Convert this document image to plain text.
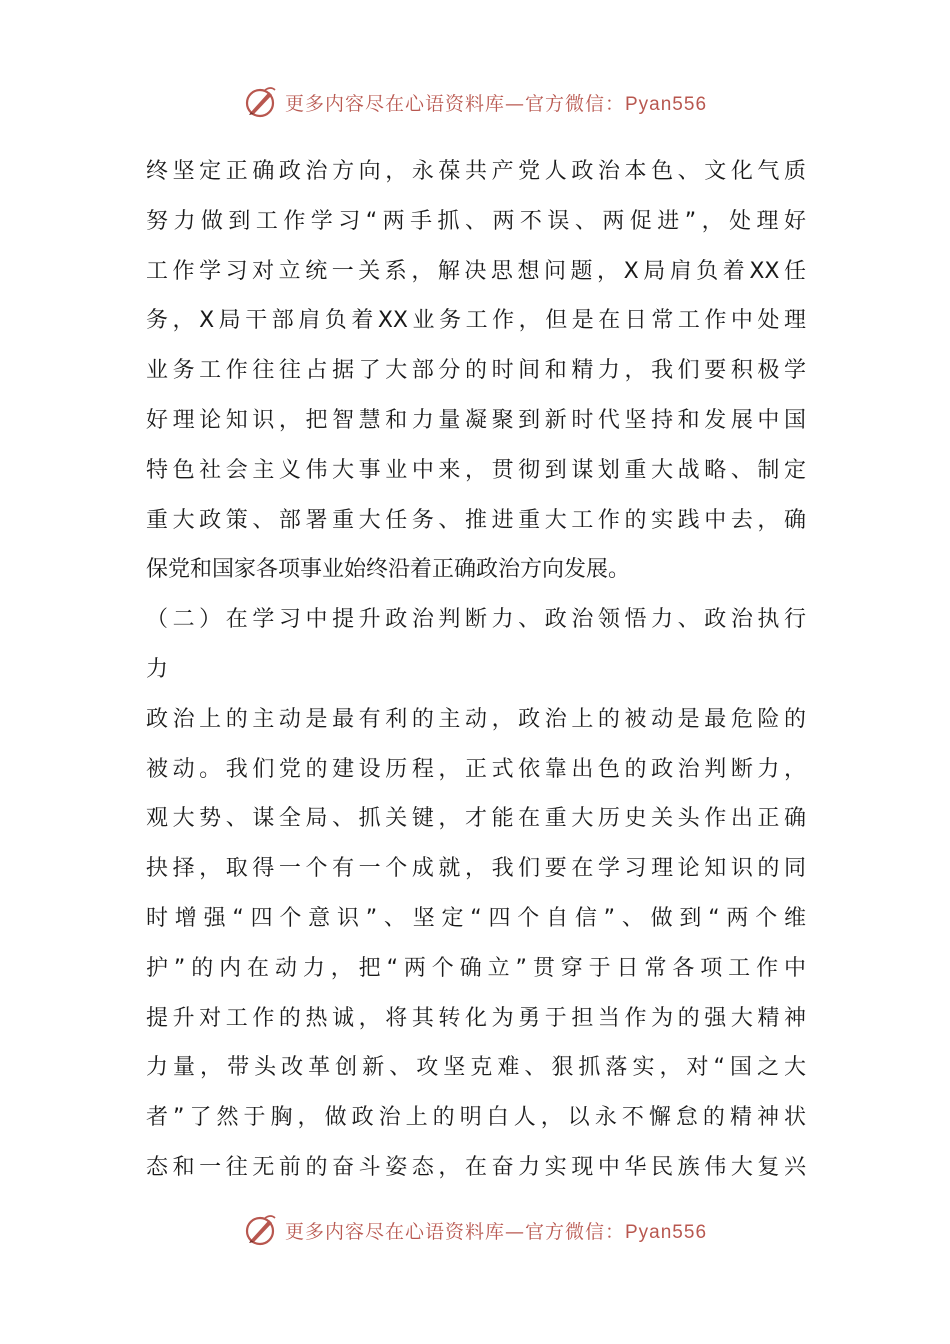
更多内容尽在心语资料库—官方微信：Pyan556
终坚定正确政治方向，永葆共产党人政治本色、文化气质
努力做到工作学习“两手抓、两不误、两促进”，处理好
工作学习对立统一关系，解决思想问题，X局肩负着XX任
务，X局干部肩负着XX业务工作，但是在日常工作中处理
业务工作往往占据了大部分的时间和精力，我们要积极学
好理论知识，把智慧和力量凝聚到新时代坚持和发展中国
特色社会主义伟大事业中来，贯彻到谋划重大战略、制定
重大政策、部署重大任务、推进重大工作的实践中去，确
保党和国家各项事业始终沿着正确政治方向发展。
（二）在学习中提升政治判断力、政治领悟力、政治执行
力
政治上的主动是最有利的主动，政治上的被动是最危险的
被动。我们党的建设历程，正式依靠出色的政治判断力，
观大势、谋全局、抓关键，才能在重大历史关头作出正确
抉择，取得一个有一个成就，我们要在学习理论知识的同
时增强“四个意识”、坚定“四个自信”、做到“两个维
护”的内在动力，把“两个确立”贯穿于日常各项工作中
提升对工作的热诚，将其转化为勇于担当作为的强大精神
力量，带头改革创新、攻坚克难、狠抓落实，对“国之大
者”了然于胸，做政治上的明白人，以永不懈怠的精神状
态和一往无前的奋斗姿态，在奋力实现中华民族伟大复兴
更多内容尽在心语资料库—官方微信：Pyan556
